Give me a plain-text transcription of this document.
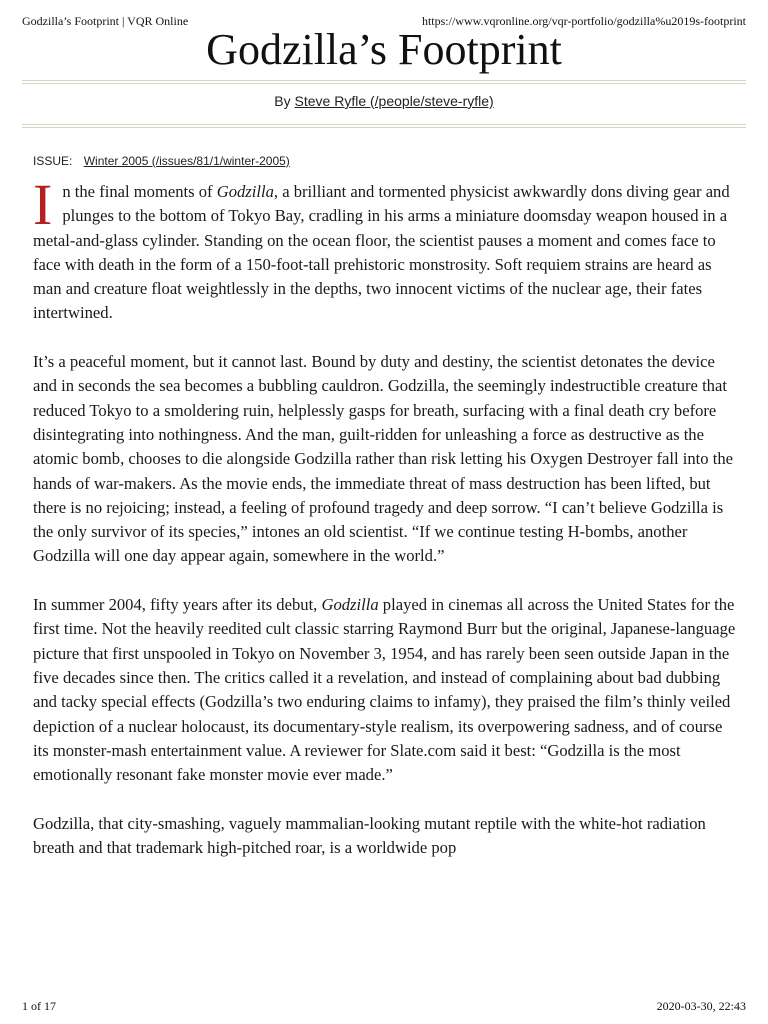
Godzilla’s Footprint | VQR Online	https://www.vqronline.org/vqr-portfolio/godzilla%u2019s-footprint
Godzilla’s Footprint
By Steve Ryfle (/people/steve-ryfle)
ISSUE: Winter 2005 (/issues/81/1/winter-2005)

In the final moments of Godzilla, a brilliant and tormented physicist awkwardly dons diving gear and plunges to the bottom of Tokyo Bay, cradling in his arms a miniature doomsday weapon housed in a metal-and-glass cylinder. Standing on the ocean floor, the scientist pauses a moment and comes face to face with death in the form of a 150-foot-tall prehistoric monstrosity. Soft requiem strains are heard as man and creature float weightlessly in the depths, two innocent victims of the nuclear age, their fates intertwined.

It’s a peaceful moment, but it cannot last. Bound by duty and destiny, the scientist detonates the device and in seconds the sea becomes a bubbling cauldron. Godzilla, the seemingly indestructible creature that reduced Tokyo to a smoldering ruin, helplessly gasps for breath, surfacing with a final death cry before disintegrating into nothingness. And the man, guilt-ridden for unleashing a force as destructive as the atomic bomb, chooses to die alongside Godzilla rather than risk letting his Oxygen Destroyer fall into the hands of war-makers. As the movie ends, the immediate threat of mass destruction has been lifted, but there is no rejoicing; instead, a feeling of profound tragedy and deep sorrow. “I can’t believe Godzilla is the only survivor of its species,” intones an old scientist. “If we continue testing H-bombs, another Godzilla will one day appear again, somewhere in the world.”

In summer 2004, fifty years after its debut, Godzilla played in cinemas all across the United States for the first time. Not the heavily reedited cult classic starring Raymond Burr but the original, Japanese-language picture that first unspooled in Tokyo on November 3, 1954, and has rarely been seen outside Japan in the five decades since then. The critics called it a revelation, and instead of complaining about bad dubbing and tacky special effects (Godzilla’s two enduring claims to infamy), they praised the film’s thinly veiled depiction of a nuclear holocaust, its documentary-style realism, its overpowering sadness, and of course its monster-mash entertainment value. A reviewer for Slate.com said it best: “Godzilla is the most emotionally resonant fake monster movie ever made.”

Godzilla, that city-smashing, vaguely mammalian-looking mutant reptile with the white-hot radiation breath and that trademark high-pitched roar, is a worldwide pop

1 of 17	2020-03-30, 22:43
